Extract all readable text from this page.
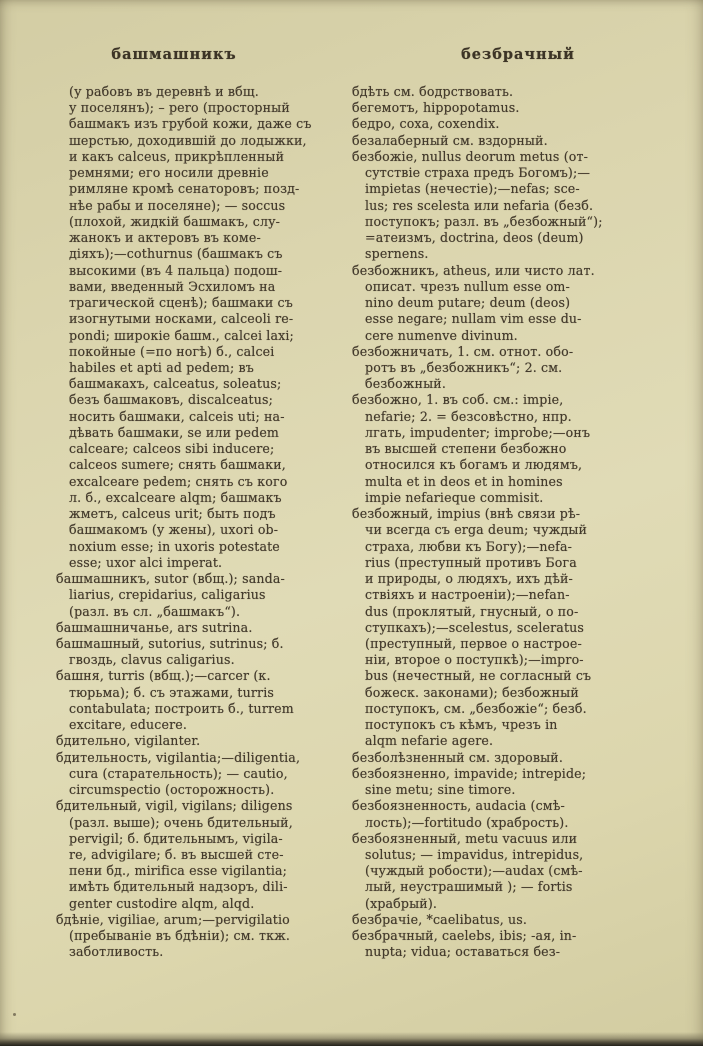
башмашникъ	безбрачный
(у рабовъ въ деревнѣ и вбщ.
у поселянъ); – pero (просторный
башмакъ изъ грубой кожи, даже съ
шерстью, доходившій до лодыжки,
и какъ calceus, прикрѣпленный
ремнями; его носили древніе
римляне кромѣ сенаторовъ; позд-
нѣе рабы и поселяне); — soccus
(плохой, жидкій башмакъ, слу-
жанокъ и актеровъ въ коме-
діяхъ);—cothurnus (башмакъ съ
высокими (въ 4 пальца) подош-
вами, введенный Эсхиломъ на
трагической сценѣ); башмаки съ
изогнутыми носками, calceoli re-
pondi; широкіе башм., calcei laxi;
покойные (=по ногѣ) б., calcei
habiles et apti ad pedem; въ
башмакахъ, calceatus, soleatus;
безъ башмаковъ, discalceatus;
носить башмаки, calceis uti; на-
дѣвать башмаки, se или pedem
calceare; calceos sibi inducere;
calceos sumere; снять башмаки,
excalceare pedem; снять съ кого
л. б., excalceare alqm; башмакъ
жметъ, calceus urit; быть подъ
башмакомъ (у жены), uxori ob-
noxium esse; in uxoris potestate
esse; uxor alci imperat.
башмашникъ, sutor (вбщ.); sanda-
liarius, crepidarius, caligarius
(разл. въ сл. „башмакъ“).
башмашничанье, ars sutrina.
башмашный, sutorius, sutrinus; б.
гвоздь, clavus caligarius.
башня, turris (вбщ.);—carcer (к.
тюрьма); б. съ этажами, turris
contabulata; построить б., turrem
excitare, educere.
бдительно, vigilanter.
бдительность, vigilantia;—diligentia,
cura (старательность); — cautio,
circumspectio (осторожность).
бдительный, vigil, vigilans; diligens
(разл. выше); очень бдительный,
pervigil; б. бдительнымъ, vigila-
re, advigilare; б. въ высшей сте-
пени бд., mirifica esse vigilantia;
имѣть бдительный надзоръ, dili-
genter custodire alqm, alqd.
бдѣніе, vigiliae, arum;—pervigilatio
(пребываніе въ бдѣніи); см. ткж.
заботливость.
бдѣть см. бодрствовать.
бегемотъ, hippopotamus.
бедро, coxa, coxendix.
безалаберный см. вздорный.
безбожіе, nullus deorum metus (от-
сутствіе страха предъ Богомъ);—
impietas (нечестіе);—nefas; sce-
lus; res scelesta или nefaria (безб.
поступокъ; разл. въ „безбожный“);
=атеизмъ, doctrina, deos (deum)
spernens.
безбожникъ, atheus, или чисто лат.
описат. чрезъ nullum esse om-
nino deum putare; deum (deos)
esse negare; nullam vim esse du-
cere numenve divinum.
безбожничать, 1. см. отнот. обо-
ротъ въ „безбожникъ“; 2. см.
безбожный.
безбожно, 1. въ соб. см.: impie,
nefarie; 2. = безсовѣстно, нпр.
лгать, impudenter; improbe;—онъ
въ высшей степени безбожно
относился къ богамъ и людямъ,
multa et in deos et in homines
impie nefarieque commisit.
безбожный, impius (внѣ связи рѣ-
чи всегда съ erga deum; чуждый
страха, любви къ Богу);—nefa-
rius (преступный противъ Бога
и природы, о людяхъ, ихъ дѣй-
ствіяхъ и настроеніи);—nefan-
dus (проклятый, гнусный, о по-
ступкахъ);—scelestus, sceleratus
(преступный, первое о настрое-
ніи, второе о поступкѣ);—impro-
bus (нечестный, не согласный съ
божеск. законами); безбожный
поступокъ, см. „безбожіе“; безб.
поступокъ съ кѣмъ, чрезъ in
alqm nefarie agere.
безболѣзненный см. здоровый.
безбоязненно, impavide; intrepide;
sine metu; sine timore.
безбоязненность, audacia (смѣ-
лость);—fortitudo (храбрость).
безбоязненный, metu vacuus или
solutus; — impavidus, intrepidus,
(чуждый робости);—audax (смѣ-
лый, неустрашимый ); — fortis
(храбрый).
безбрачіе, *caelibatus, us.
безбрачный, caelebs, ibis; -ая, in-
nupta; vidua; оставаться без-
